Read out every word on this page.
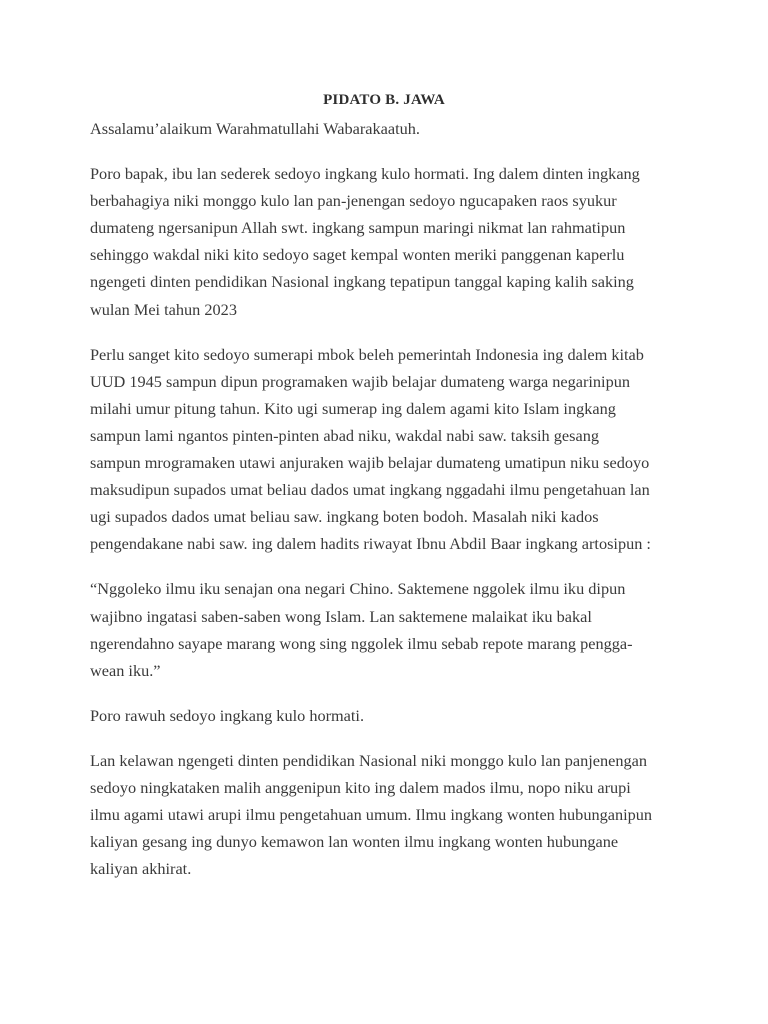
PIDATO B. JAWA

Assalamu’alaikum Warahmatullahi Wabarakaatuh.

Poro bapak, ibu lan sederek sedoyo ingkang kulo hormati. Ing dalem dinten ingkang
berbahagiya niki monggo kulo lan pan-jenengan sedoyo ngucapaken raos syukur
dumateng ngersanipun Allah swt. ingkang sampun maringi nikmat lan rahmatipun
sehinggo wakdal niki kito sedoyo saget kempal wonten meriki panggenan kaperlu
ngengeti dinten pendidikan Nasional ingkang tepatipun tanggal kaping kalih saking
wulan Mei tahun 2023

Perlu sanget kito sedoyo sumerapi mbok beleh pemerintah Indonesia ing dalem kitab
UUD 1945 sampun dipun programaken wajib belajar dumateng warga negarinipun
milahi umur pitung tahun. Kito ugi sumerap ing dalem agami kito Islam ingkang
sampun lami ngantos pinten-pinten abad niku, wakdal nabi saw. taksih gesang
sampun mrogramaken utawi anjuraken wajib belajar dumateng umatipun niku sedoyo
maksudipun supados umat beliau dados umat ingkang nggadahi ilmu pengetahuan lan
ugi supados dados umat beliau saw. ingkang boten bodoh. Masalah niki kados
pengendakane nabi saw. ing dalem hadits riwayat Ibnu Abdil Baar ingkang artosipun :

“Nggoleko ilmu iku senajan ona negari Chino. Saktemene nggolek ilmu iku dipun
wajibno ingatasi saben-saben wong Islam. Lan saktemene malaikat iku bakal
ngerendahno sayape marang wong sing nggolek ilmu sebab repote marang pengga-
wean iku.”

Poro rawuh sedoyo ingkang kulo hormati.

Lan kelawan ngengeti dinten pendidikan Nasional niki monggo kulo lan panjenengan
sedoyo ningkataken malih anggenipun kito ing dalem mados ilmu, nopo niku arupi
ilmu agami utawi arupi ilmu pengetahuan umum. Ilmu ingkang wonten hubunganipun
kaliyan gesang ing dunyo kemawon lan wonten ilmu ingkang wonten hubungane
kaliyan akhirat.
